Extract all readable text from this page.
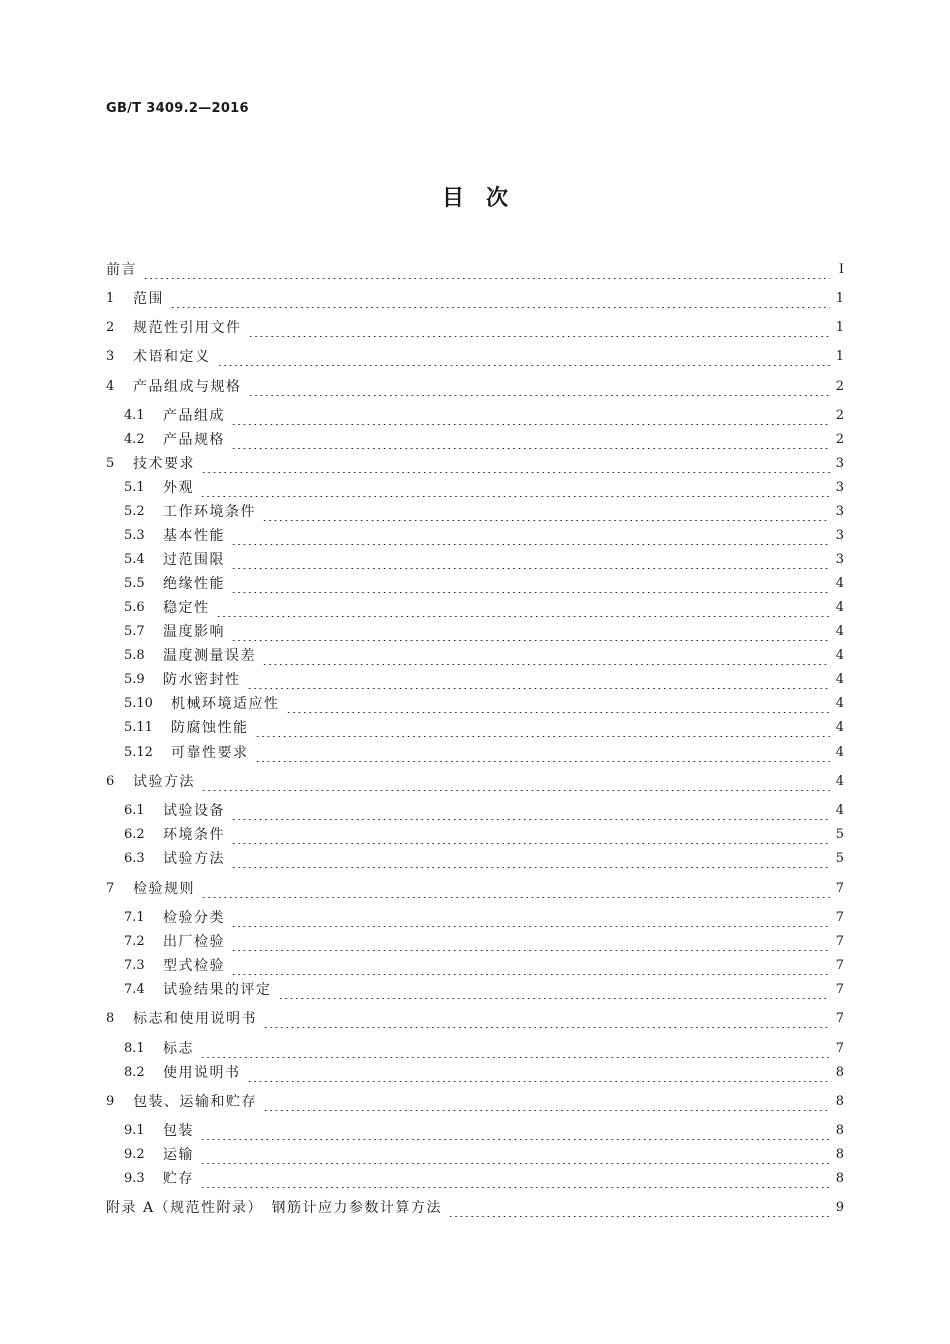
GB/T 3409.2—2016
目　次
前言	Ⅰ
1	范围	1
2	规范性引用文件	1
3	术语和定义	1
4	产品组成与规格	2
4.1	产品组成	2
4.2	产品规格	2
5	技术要求	3
5.1	外观	3
5.2	工作环境条件	3
5.3	基本性能	3
5.4	过范围限	3
5.5	绝缘性能	4
5.6	稳定性	4
5.7	温度影响	4
5.8	温度测量误差	4
5.9	防水密封性	4
5.10	机械环境适应性	4
5.11	防腐蚀性能	4
5.12	可靠性要求	4
6	试验方法	4
6.1	试验设备	4
6.2	环境条件	5
6.3	试验方法	5
7	检验规则	7
7.1	检验分类	7
7.2	出厂检验	7
7.3	型式检验	7
7.4	试验结果的评定	7
8	标志和使用说明书	7
8.1	标志	7
8.2	使用说明书	8
9	包装、运输和贮存	8
9.1	包装	8
9.2	运输	8
9.3	贮存	8
附录 A（规范性附录）　钢筋计应力参数计算方法	9
